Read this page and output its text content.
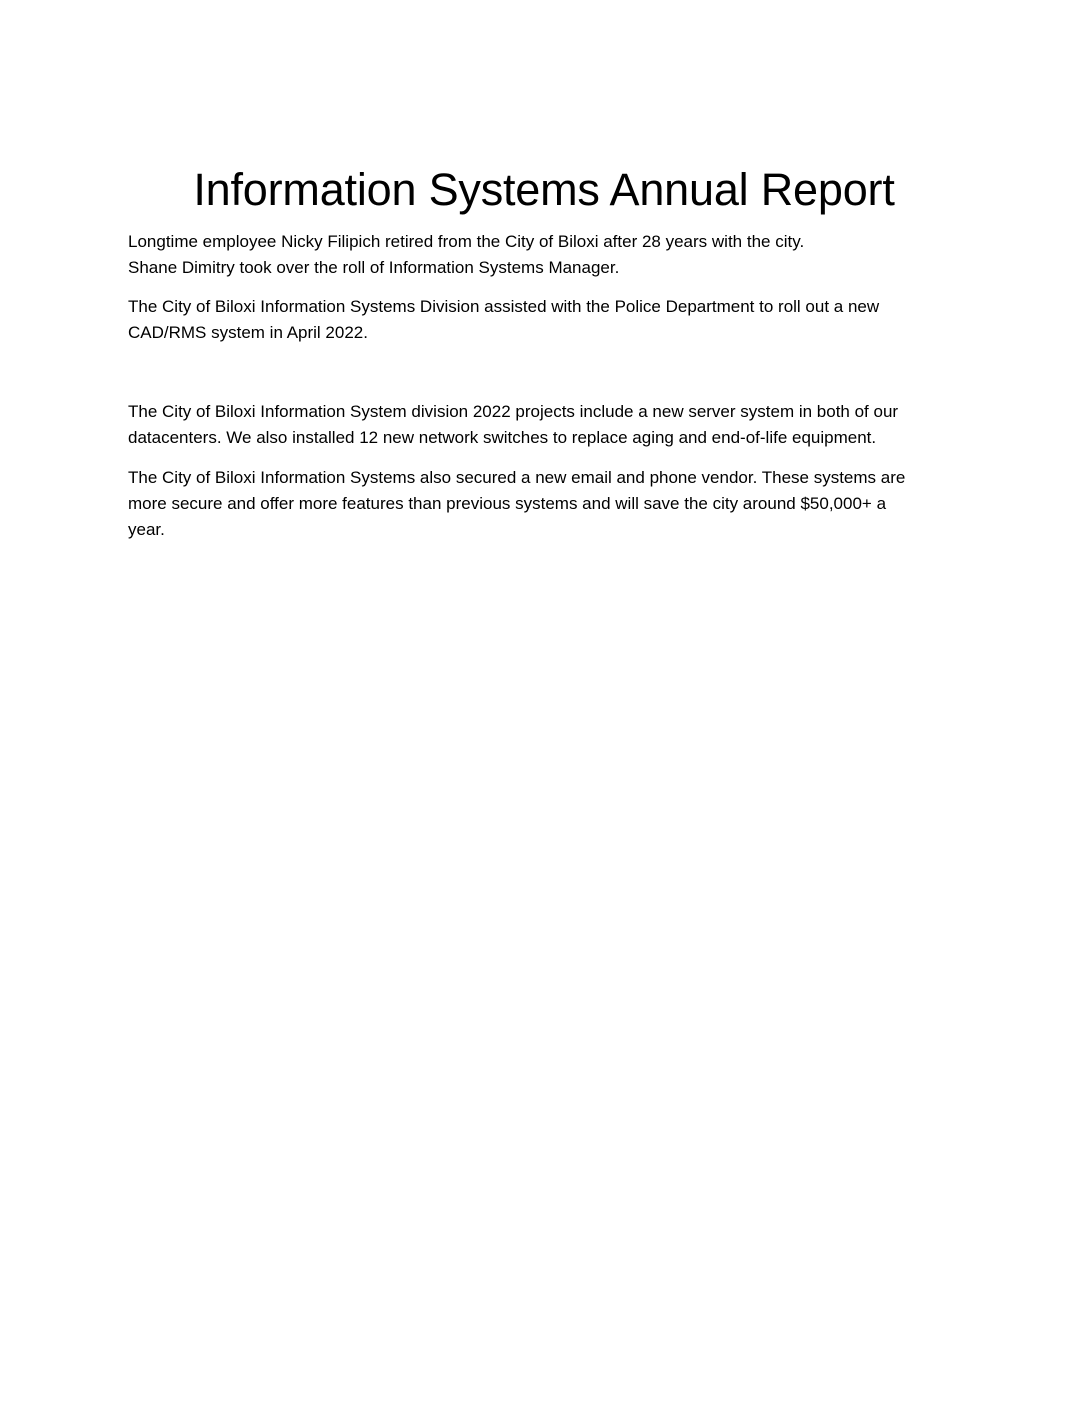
Information Systems Annual Report

Longtime employee Nicky Filipich retired from the City of Biloxi after 28 years with the city.
Shane Dimitry took over the roll of Information Systems Manager.

The City of Biloxi Information Systems Division assisted with the Police Department to roll out a new
CAD/RMS system in April 2022.

The City of Biloxi Information System division 2022 projects include a new server system in both of our
datacenters. We also installed 12 new network switches to replace aging and end-of-life equipment.

The City of Biloxi Information Systems also secured a new email and phone vendor. These systems are
more secure and offer more features than previous systems and will save the city around $50,000+ a
year.
